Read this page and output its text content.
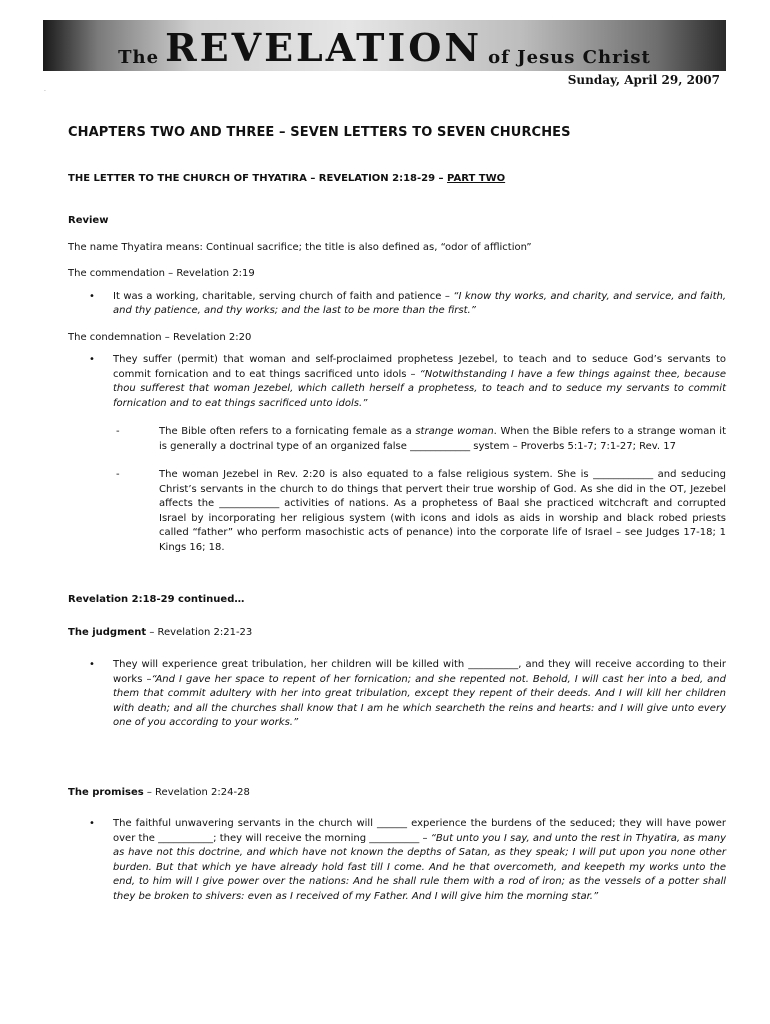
The REVELATION of Jesus Christ
Sunday, April 29, 2007
.
CHAPTERS TWO AND THREE – SEVEN LETTERS TO SEVEN CHURCHES
THE LETTER TO THE CHURCH OF THYATIRA – REVELATION 2:18-29 – PART TWO

Review

The name Thyatira means: Continual sacrifice; the title is also defined as, “odor of affliction”

The commendation – Revelation 2:19

• It was a working, charitable, serving church of faith and patience – “I know thy works, and charity, and service, and faith, and thy patience, and thy works; and the last to be more than the first.”

The condemnation – Revelation 2:20

• They suffer (permit) that woman and self-proclaimed prophetess Jezebel, to teach and to seduce God’s servants to commit fornication and to eat things sacrificed unto idols – “Notwithstanding I have a few things against thee, because thou sufferest that woman Jezebel, which calleth herself a prophetess, to teach and to seduce my servants to commit fornication and to eat things sacrificed unto idols.”
-	The Bible often refers to a fornicating female as a strange woman. When the Bible refers to a strange woman it is generally a doctrinal type of an organized false ____________ system – Proverbs 5:1-7; 7:1-27; Rev. 17
-	The woman Jezebel in Rev. 2:20 is also equated to a false religious system. She is ____________ and seducing Christ’s servants in the church to do things that pervert their true worship of God. As she did in the OT, Jezebel affects the ____________ activities of nations. As a prophetess of Baal she practiced witchcraft and corrupted Israel by incorporating her religious system (with icons and idols as aids in worship and black robed priests called “father” who perform masochistic acts of penance) into the corporate life of Israel – see Judges 17-18; 1 Kings 16; 18.

Revelation 2:18-29 continued…

The judgment – Revelation 2:21-23

• They will experience great tribulation, her children will be killed with __________, and they will receive according to their works –“And I gave her space to repent of her fornication; and she repented not. Behold, I will cast her into a bed, and them that commit adultery with her into great tribulation, except they repent of their deeds. And I will kill her children with death; and all the churches shall know that I am he which searcheth the reins and hearts: and I will give unto every one of you according to your works.”

The promises – Revelation 2:24-28

• The faithful unwavering servants in the church will ______ experience the burdens of the seduced; they will have power over the ___________; they will receive the morning __________ – “But unto you I say, and unto the rest in Thyatira, as many as have not this doctrine, and which have not known the depths of Satan, as they speak; I will put upon you none other burden. But that which ye have already hold fast till I come. And he that overcometh, and keepeth my works unto the end, to him will I give power over the nations: And he shall rule them with a rod of iron; as the vessels of a potter shall they be broken to shivers: even as I received of my Father. And I will give him the morning star.”
